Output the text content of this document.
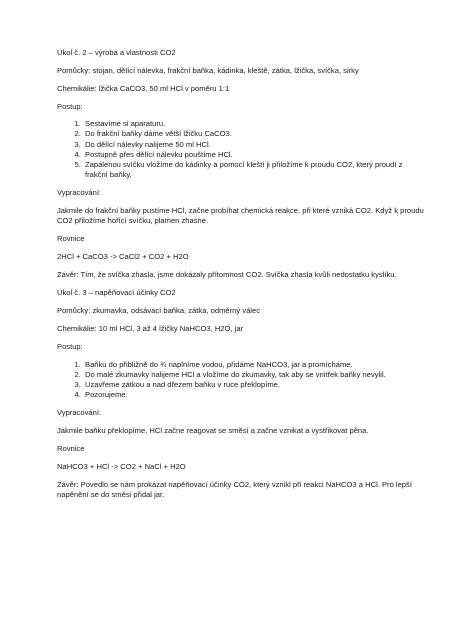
Úkol č. 2 – výroba a vlastnosti CO2

Pomůcky: stojan, dělící nálevka, frakční baňka, kádinka, kleště, zátka, lžička, svíčka, sirky

Chemikálie: lžička CaCO3, 50 ml HCl v poměru 1:1

Postup:

1. Sestavíme si aparaturu.
2. Do frakční baňky dáme větší lžičku CaCO3.
3. Do dělící nálevky nalijeme 50 ml HCl.
4. Postupně přes dělící nálevku pouštíme HCl.
5. Zapálenou svíčku vložíme do kádinky a pomocí kleští ji přiložíme k proudu CO2, který proudí z frakční baňky.

Vypracování:

Jakmile do frakční baňky pustíme HCl, začne probíhat chemická reakce, při které vzniká CO2. Když k proudu CO2 přiložíme hořící svíčku, plamen zhasne.

Rovnice

2HCl + CaCO3 -> CaCl2 + CO2 + H2O

Závěr: Tím, že svíčka zhasla, jsme dokázaly přítomnost CO2. Svíčka zhasla kvůli nedostatku kyslíku.

Úkol č. 3 – napěňovací účinky CO2

Pomůcky: zkumavka, odsávací baňka, zátka, odměrný válec

Chemikálie: 10 ml HCl, 3 až 4 lžičky NaHCO3, H2O, jar

Postup:

1. Baňku do přibližně do ¾ naplníme vodou, přidáme NaHCO3, jar a promícháme.
2. Do malé zkumavky nalijeme HCl a vložíme do zkumavky, tak aby se vnitřek baňky nevylil.
3. Uzavřeme zátkou a nad dřezem baňku v ruce překlopíme.
4. Pozorujeme.

Vypracování:

Jakmile baňku překlopíme, HCl začne reagovat se směsí a začne vznikat a vystřikovat pěna.

Rovnice

NaHCO3 + HCl -> CO2 + NaCl + H2O

Závěr: Povedlo se nám prokázat napěňovací účinky CO2, který vznikl při reakci NaHCO3 a HCl. Pro lepší napěnění se do směsi přidal jar.
